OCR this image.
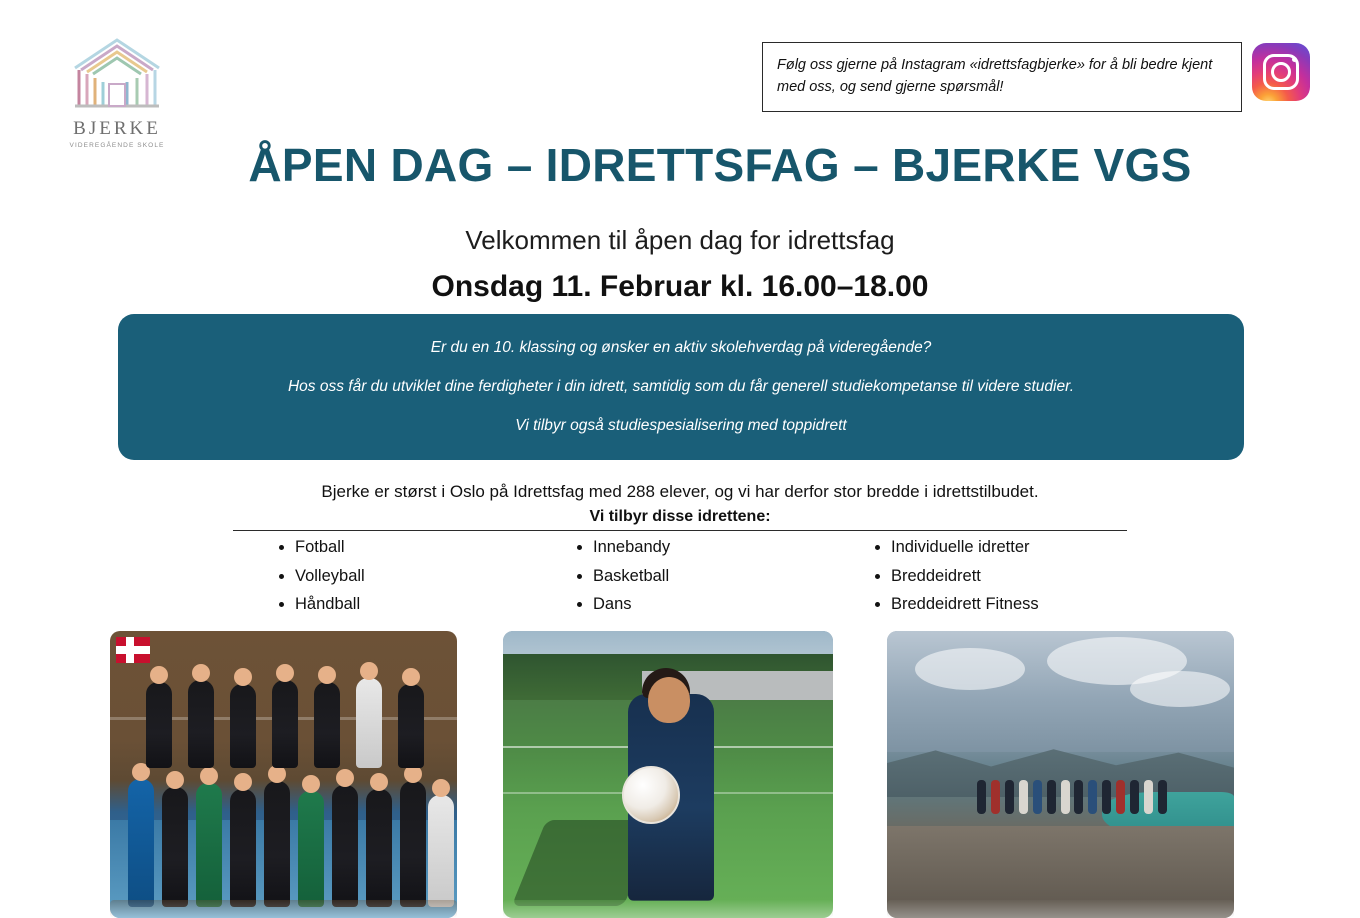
BJERKE
VIDEREGÅENDE SKOLE
Følg oss gjerne på Instagram «idrettsfagbjerke» for å bli bedre kjent med oss, og send gjerne spørsmål!
ÅPEN DAG – IDRETTSFAG – BJERKE VGS
Velkommen til åpen dag for idrettsfag
Onsdag 11. Februar kl. 16.00–18.00
Er du en 10. klassing og ønsker en aktiv skolehverdag på videregående?
Hos oss får du utviklet dine ferdigheter i din idrett, samtidig som du får generell studiekompetanse til videre studier.
Vi tilbyr også studiespesialisering med toppidrett
Bjerke er størst i Oslo på Idrettsfag med 288 elever, og vi har derfor stor bredde i idrettstilbudet.
Vi tilbyr disse idrettene:
• Fotball
• Volleyball
• Håndball
• Innebandy
• Basketball
• Dans
• Individuelle idretter
• Breddeidrett
• Breddeidrett Fitness
